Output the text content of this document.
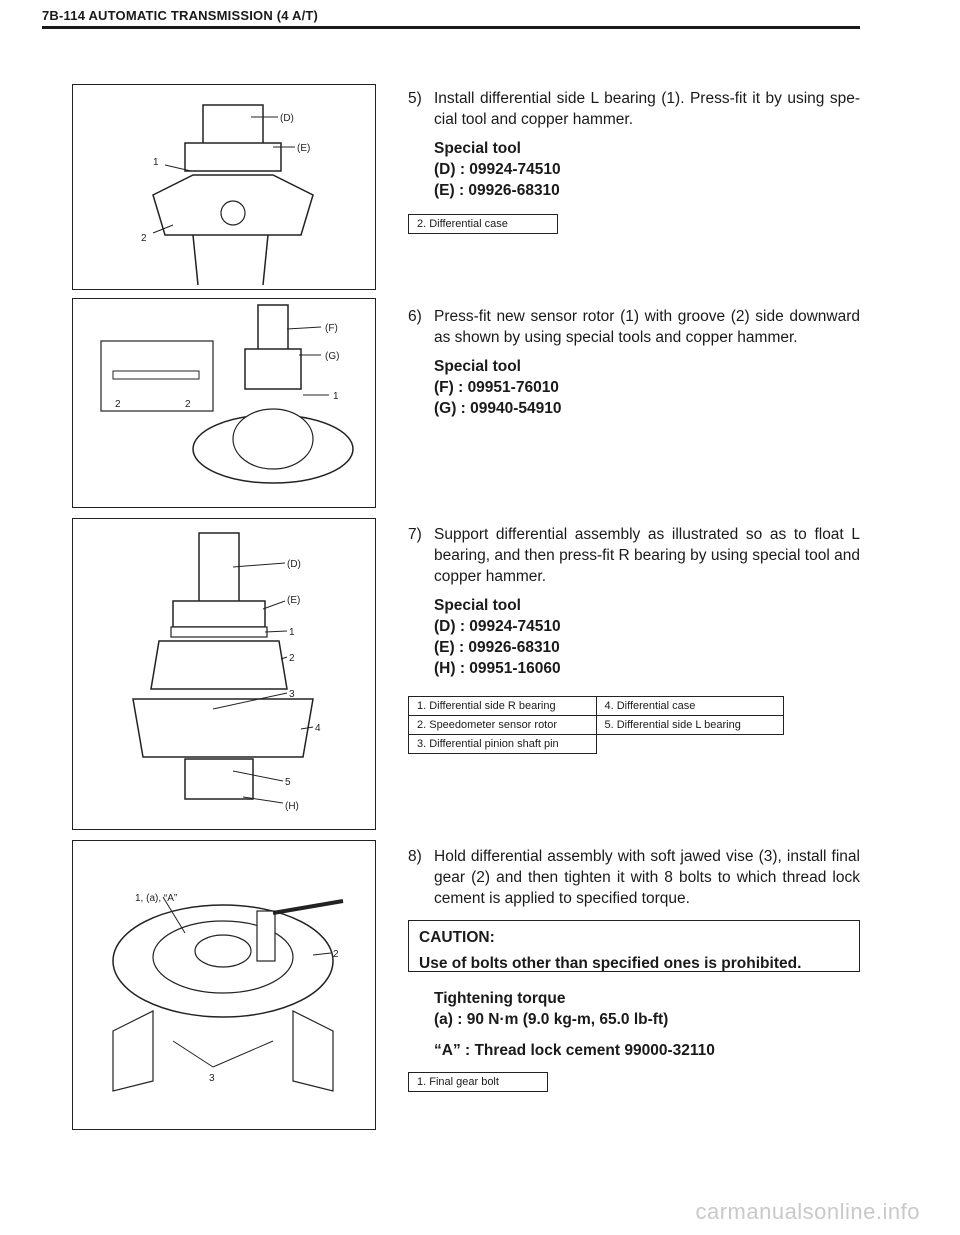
7B-114 AUTOMATIC TRANSMISSION (4 A/T)
(D)
(E)
1
2
5) Install differential side L bearing (1). Press-fit it by using spe-cial tool and copper hammer.
Special tool
(D) : 09924-74510
(E) : 09926-68310
2. Differential case
(F)
(G)
1
2	2
6) Press-fit new sensor rotor (1) with groove (2) side downward as shown by using special tools and copper hammer.
Special tool
(F) : 09951-76010
(G) : 09940-54910
(D)
(E)
1
2
3
4
5
(H)
7) Support differential assembly as illustrated so as to float L bearing, and then press-fit R bearing by using special tool and copper hammer.
Special tool
(D) : 09924-74510
(E) : 09926-68310
(H) : 09951-16060
1. Differential side R bearing	4. Differential case
2. Speedometer sensor rotor	5. Differential side L bearing
3. Differential pinion shaft pin	
1, (a), “A”
2
3
8) Hold differential assembly with soft jawed vise (3), install final gear (2) and then tighten it with 8 bolts to which thread lock cement is applied to specified torque.
CAUTION:
Use of bolts other than specified ones is prohibited.
Tightening torque
(a) : 90 N·m (9.0 kg-m, 65.0 lb-ft)
“A” : Thread lock cement 99000-32110
1. Final gear bolt
carmanualsonline.info
